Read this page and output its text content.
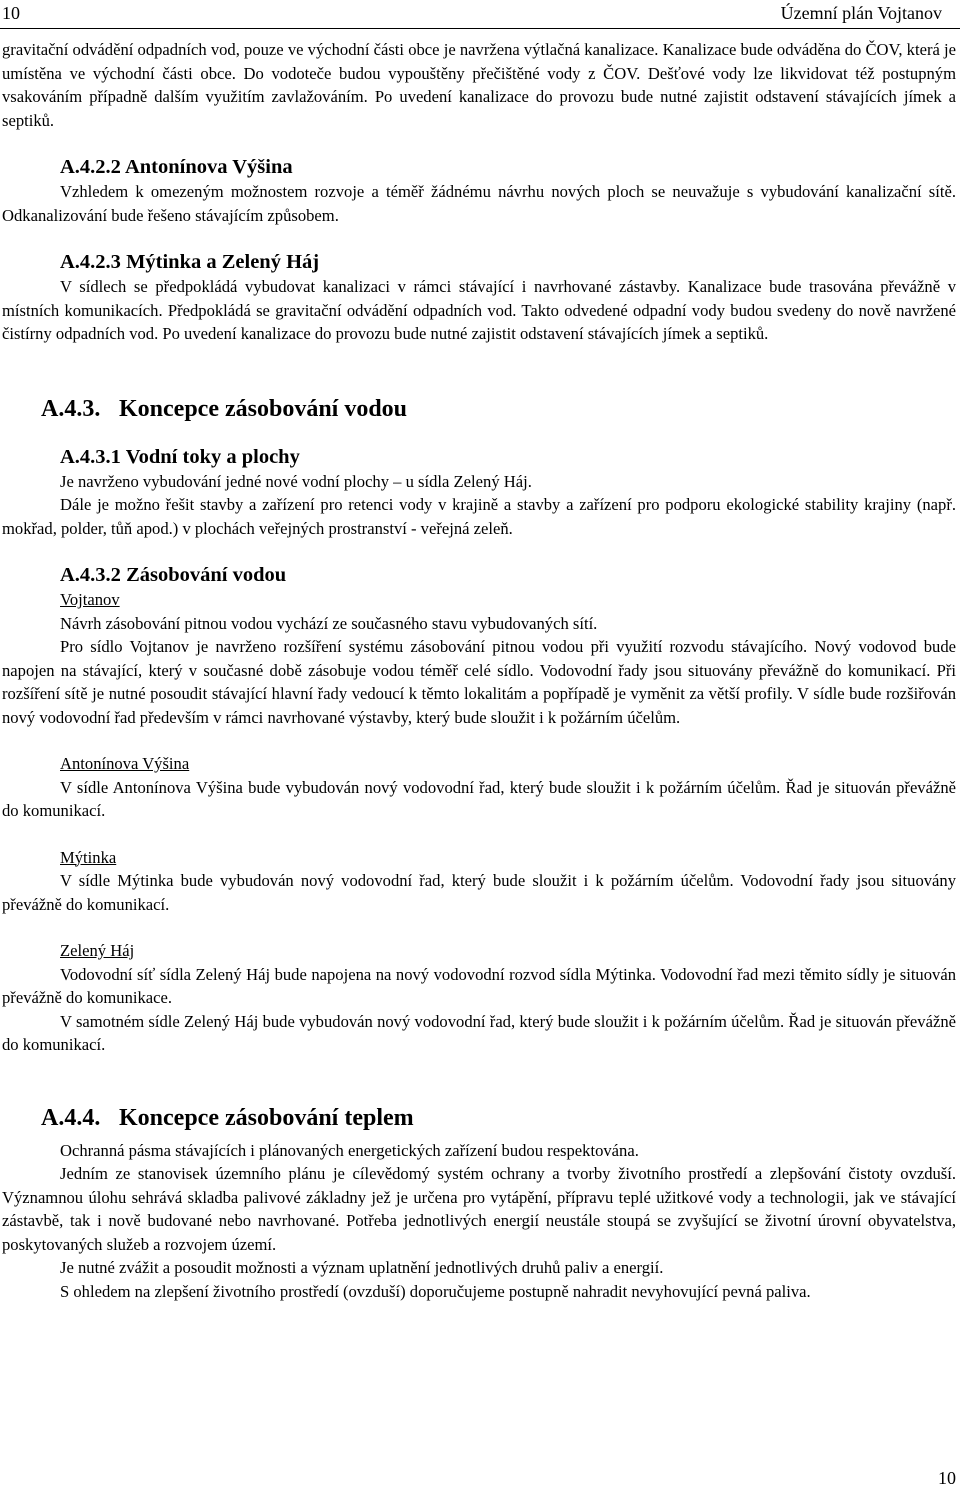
10	Územní plán Vojtanov

gravitační odvádění odpadních vod, pouze ve východní části obce je navržena výtlačná kanalizace. Kanalizace bude odváděna do ČOV, která je umístěna ve východní části obce. Do vodoteče budou vypouštěny přečištěné vody z ČOV. Dešťové vody lze likvidovat též postupným vsakováním případně dalším využitím zavlažováním. Po uvedení kanalizace do provozu bude nutné zajistit odstavení stávajících jímek a septiků.

A.4.2.2 Antonínova Výšina

Vzhledem k omezeným možnostem rozvoje a téměř žádnému návrhu nových ploch se neuvažuje s vybudování kanalizační sítě. Odkanalizování bude řešeno stávajícím způsobem.

A.4.2.3 Mýtinka a Zelený Háj

V sídlech se předpokládá vybudovat kanalizaci v rámci stávající i navrhované zástavby. Kanalizace bude trasována převážně v místních komunikacích. Předpokládá se gravitační odvádění odpadních vod. Takto odvedené odpadní vody budou svedeny do nově navržené čistírny odpadních vod. Po uvedení kanalizace do provozu bude nutné zajistit odstavení stávajících jímek a septiků.

A.4.3. Koncepce zásobování vodou
A.4.3.1 Vodní toky a plochy

Je navrženo vybudování jedné nové vodní plochy – u sídla Zelený Háj.

Dále je možno řešit stavby a zařízení pro retenci vody v krajině a stavby a zařízení pro podporu ekologické stability krajiny (např. mokřad, polder, tůň apod.) v plochách veřejných prostranství - veřejná zeleň.

A.4.3.2 Zásobování vodou

Vojtanov

Návrh zásobování pitnou vodou vychází ze současného stavu vybudovaných sítí.

Pro sídlo Vojtanov je navrženo rozšíření systému zásobování pitnou vodou při využití rozvodu stávajícího. Nový vodovod bude napojen na stávající, který v současné době zásobuje vodou téměř celé sídlo. Vodovodní řady jsou situovány převážně do komunikací. Při rozšíření sítě je nutné posoudit stávající hlavní řady vedoucí k těmto lokalitám a popřípadě je vyměnit za větší profily. V sídle bude rozšiřován nový vodovodní řad především v rámci navrhované výstavby, který bude sloužit i k požárním účelům.

Antonínova Výšina

V sídle Antonínova Výšina bude vybudován nový vodovodní řad, který bude sloužit i k požárním účelům. Řad je situován převážně do komunikací.

Mýtinka

V sídle Mýtinka bude vybudován nový vodovodní řad, který bude sloužit i k požárním účelům. Vodovodní řady jsou situovány převážně do komunikací.

Zelený Háj

Vodovodní síť sídla Zelený Háj bude napojena na nový vodovodní rozvod sídla Mýtinka. Vodovodní řad mezi těmito sídly je situován převážně do komunikace.

V samotném sídle Zelený Háj bude vybudován nový vodovodní řad, který bude sloužit i k požárním účelům. Řad je situován převážně do komunikací.

A.4.4. Koncepce zásobování teplem

Ochranná pásma stávajících i plánovaných energetických zařízení budou respektována.

Jedním ze stanovisek územního plánu je cílevědomý systém ochrany a tvorby životního prostředí a zlepšování čistoty ovzduší. Významnou úlohu sehrává skladba palivové základny jež je určena pro vytápění, přípravu teplé užitkové vody a technologii, jak ve stávající zástavbě, tak i nově budované nebo navrhované. Potřeba jednotlivých energií neustále stoupá se zvyšující se životní úrovní obyvatelstva, poskytovaných služeb a rozvojem území.

Je nutné zvážit a posoudit možnosti a význam uplatnění jednotlivých druhů paliv a energií.

S ohledem na zlepšení životního prostředí (ovzduší) doporučujeme postupně nahradit nevyhovující pevná paliva.

10
